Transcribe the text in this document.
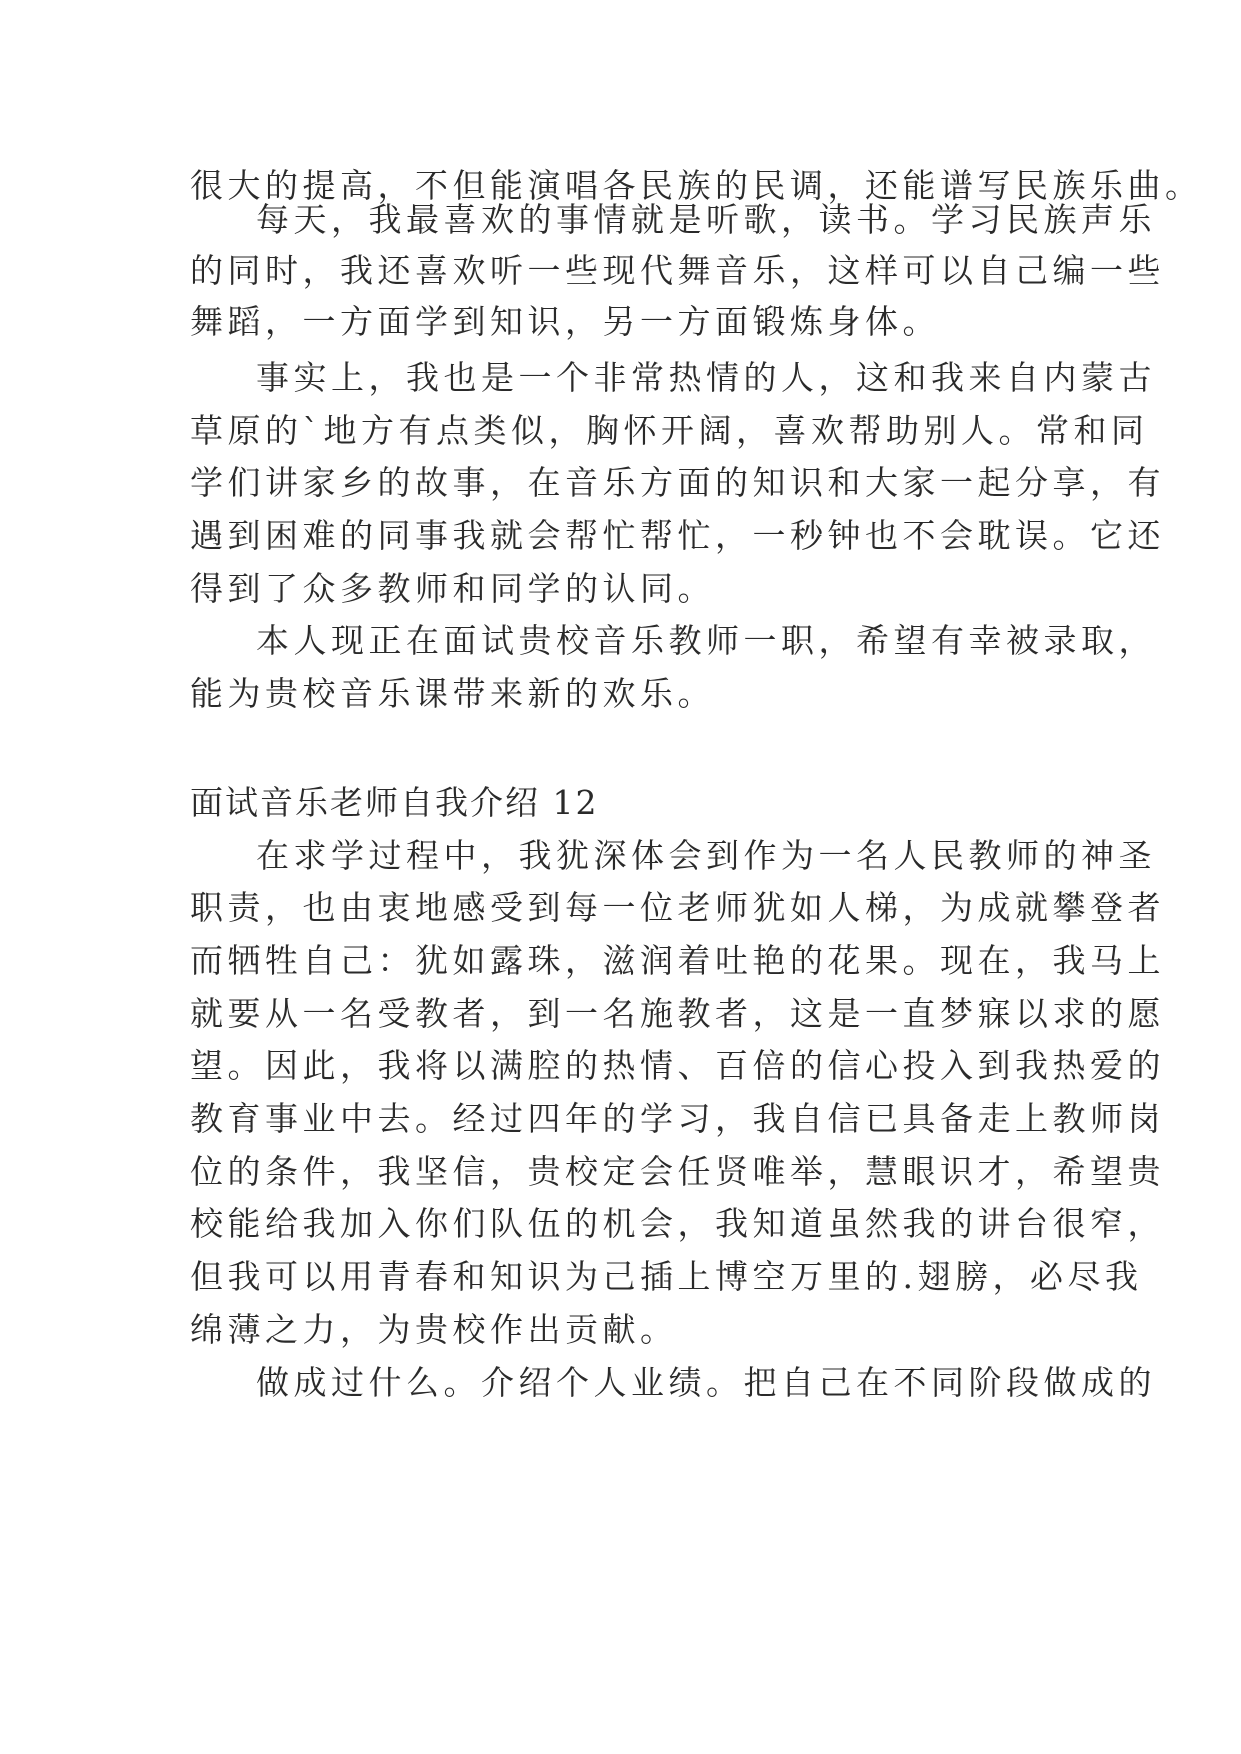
很大的提高，不但能演唱各民族的民调，还能谱写民族乐曲。
每天，我最喜欢的事情就是听歌，读书。学习民族声乐
的同时，我还喜欢听一些现代舞音乐，这样可以自己编一些
舞蹈，一方面学到知识，另一方面锻炼身体。
事实上，我也是一个非常热情的人，这和我来自内蒙古
草原的`地方有点类似，胸怀开阔，喜欢帮助别人。常和同
学们讲家乡的故事，在音乐方面的知识和大家一起分享，有
遇到困难的同事我就会帮忙帮忙，一秒钟也不会耽误。它还
得到了众多教师和同学的认同。
本人现正在面试贵校音乐教师一职，希望有幸被录取，
能为贵校音乐课带来新的欢乐。
面试音乐老师自我介绍 12
在求学过程中，我犹深体会到作为一名人民教师的神圣
职责，也由衷地感受到每一位老师犹如人梯，为成就攀登者
而牺牲自己：犹如露珠，滋润着吐艳的花果。现在，我马上
就要从一名受教者，到一名施教者，这是一直梦寐以求的愿
望。因此，我将以满腔的热情、百倍的信心投入到我热爱的
教育事业中去。经过四年的学习，我自信已具备走上教师岗
位的条件，我坚信，贵校定会任贤唯举，慧眼识才，希望贵
校能给我加入你们队伍的机会，我知道虽然我的讲台很窄，
但我可以用青春和知识为己插上博空万里的.翅膀，必尽我
绵薄之力，为贵校作出贡献。
做成过什么。介绍个人业绩。把自己在不同阶段做成的
